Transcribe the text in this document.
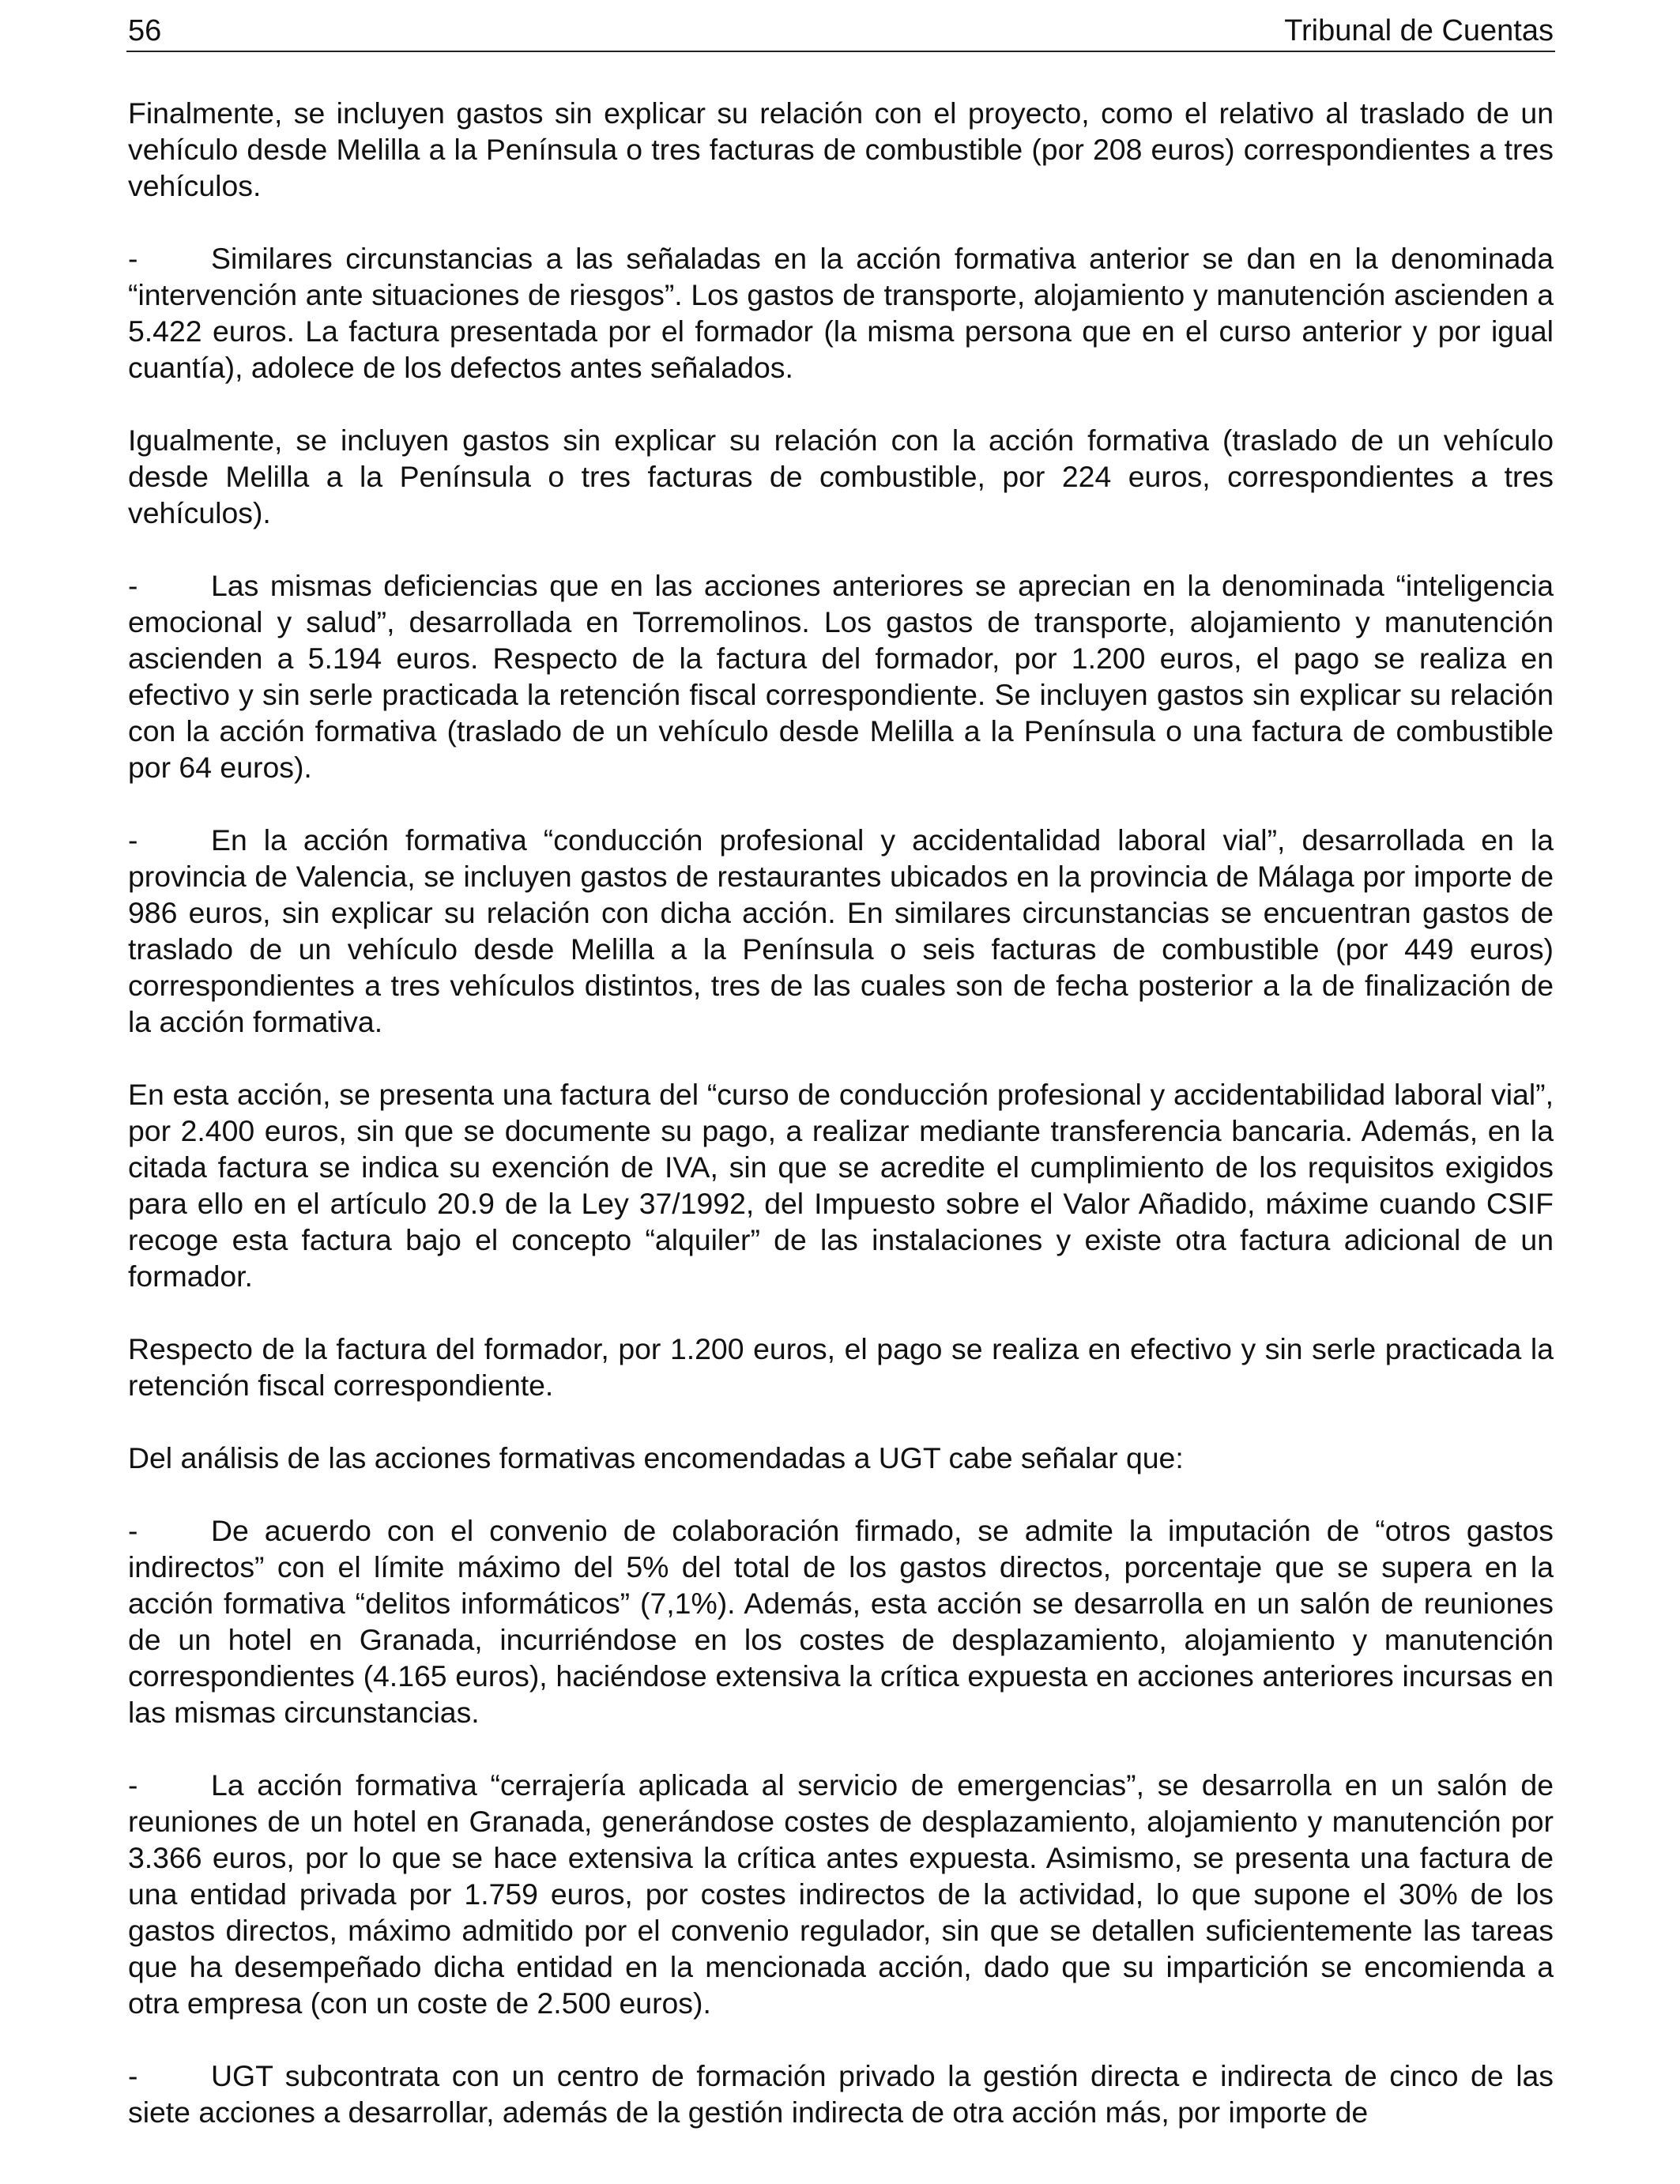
56	Tribunal de Cuentas

Finalmente, se incluyen gastos sin explicar su relación con el proyecto, como el relativo al traslado de un vehículo desde Melilla a la Península o tres facturas de combustible (por 208 euros) correspondientes a tres vehículos.

- Similares circunstancias a las señaladas en la acción formativa anterior se dan en la denominada “intervención ante situaciones de riesgos”. Los gastos de transporte, alojamiento y manutención ascienden a 5.422 euros. La factura presentada por el formador (la misma persona que en el curso anterior y por igual cuantía), adolece de los defectos antes señalados.

Igualmente, se incluyen gastos sin explicar su relación con la acción formativa (traslado de un vehículo desde Melilla a la Península o tres facturas de combustible, por 224 euros, correspondientes a tres vehículos).

- Las mismas deficiencias que en las acciones anteriores se aprecian en la denominada “inteligencia emocional y salud”, desarrollada en Torremolinos. Los gastos de transporte, alojamiento y manutención ascienden a 5.194 euros. Respecto de la factura del formador, por 1.200 euros, el pago se realiza en efectivo y sin serle practicada la retención fiscal correspondiente. Se incluyen gastos sin explicar su relación con la acción formativa (traslado de un vehículo desde Melilla a la Península o una factura de combustible por 64 euros).

- En la acción formativa “conducción profesional y accidentalidad laboral vial”, desarrollada en la provincia de Valencia, se incluyen gastos de restaurantes ubicados en la provincia de Málaga por importe de 986 euros, sin explicar su relación con dicha acción. En similares circunstancias se encuentran gastos de traslado de un vehículo desde Melilla a la Península o seis facturas de combustible (por 449 euros) correspondientes a tres vehículos distintos, tres de las cuales son de fecha posterior a la de finalización de la acción formativa.

En esta acción, se presenta una factura del “curso de conducción profesional y accidentabilidad laboral vial”, por 2.400 euros, sin que se documente su pago, a realizar mediante transferencia bancaria. Además, en la citada factura se indica su exención de IVA, sin que se acredite el cumplimiento de los requisitos exigidos para ello en el artículo 20.9 de la Ley 37/1992, del Impuesto sobre el Valor Añadido, máxime cuando CSIF recoge esta factura bajo el concepto “alquiler” de las instalaciones y existe otra factura adicional de un formador.

Respecto de la factura del formador, por 1.200 euros, el pago se realiza en efectivo y sin serle practicada la retención fiscal correspondiente.

Del análisis de las acciones formativas encomendadas a UGT cabe señalar que:

- De acuerdo con el convenio de colaboración firmado, se admite la imputación de “otros gastos indirectos” con el límite máximo del 5% del total de los gastos directos, porcentaje que se supera en la acción formativa “delitos informáticos” (7,1%). Además, esta acción se desarrolla en un salón de reuniones de un hotel en Granada, incurriéndose en los costes de desplazamiento, alojamiento y manutención correspondientes (4.165 euros), haciéndose extensiva la crítica expuesta en acciones anteriores incursas en las mismas circunstancias.

- La acción formativa “cerrajería aplicada al servicio de emergencias”, se desarrolla en un salón de reuniones de un hotel en Granada, generándose costes de desplazamiento, alojamiento y manutención por 3.366 euros, por lo que se hace extensiva la crítica antes expuesta. Asimismo, se presenta una factura de una entidad privada por 1.759 euros, por costes indirectos de la actividad, lo que supone el 30% de los gastos directos, máximo admitido por el convenio regulador, sin que se detallen suficientemente las tareas que ha desempeñado dicha entidad en la mencionada acción, dado que su impartición se encomienda a otra empresa (con un coste de 2.500 euros).

- UGT subcontrata con un centro de formación privado la gestión directa e indirecta de cinco de las siete acciones a desarrollar, además de la gestión indirecta de otra acción más, por importe de
